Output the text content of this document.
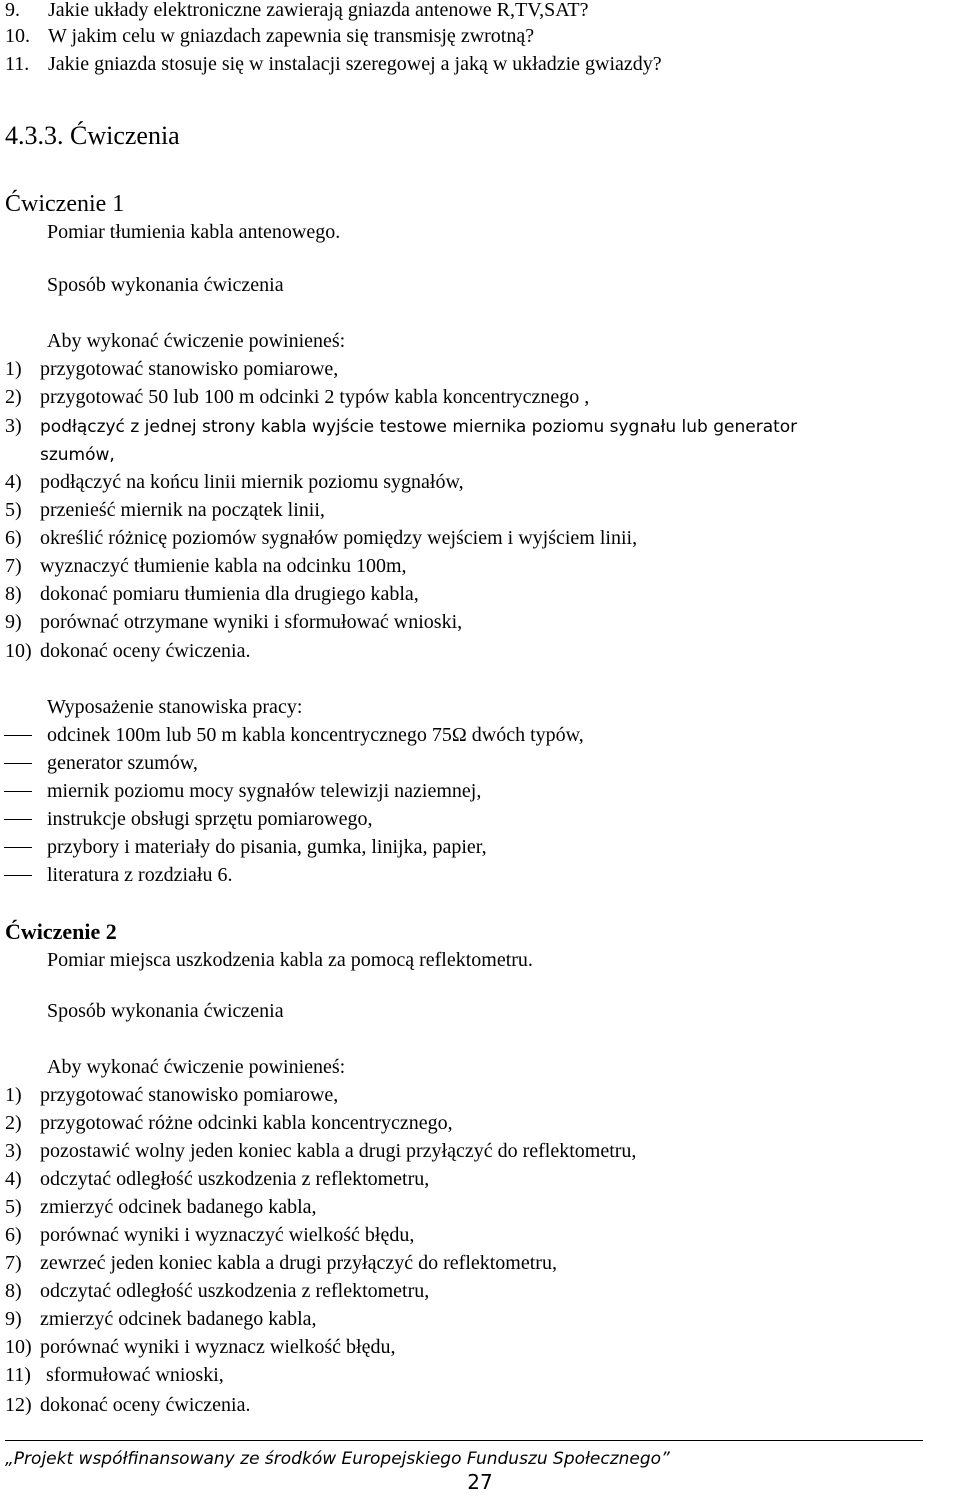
9. Jakie układy elektroniczne zawierają gniazda antenowe R,TV,SAT?
10. W jakim celu w gniazdach zapewnia się transmisję zwrotną?
11. Jakie gniazda stosuje się w instalacji szeregowej a jaką w układzie gwiazdy?
4.3.3. Ćwiczenia
Ćwiczenie 1
Pomiar tłumienia kabla antenowego.
Sposób wykonania ćwiczenia
Aby wykonać ćwiczenie powinieneś:
1) przygotować stanowisko pomiarowe,
2) przygotować 50 lub 100 m odcinki 2 typów kabla koncentrycznego ,
3) podłączyć z jednej strony kabla wyjście testowe miernika poziomu sygnału lub generator
szumów,
4) podłączyć na końcu linii miernik poziomu sygnałów,
5) przenieść miernik na początek linii,
6) określić różnicę poziomów sygnałów pomiędzy wejściem i wyjściem linii,
7) wyznaczyć tłumienie kabla na odcinku 100m,
8) dokonać pomiaru tłumienia dla drugiego kabla,
9) porównać otrzymane wyniki i sformułować wnioski,
10) dokonać oceny ćwiczenia.
Wyposażenie stanowiska pracy:
odcinek 100m lub 50 m kabla koncentrycznego 75Ω dwóch typów,
generator szumów,
miernik poziomu mocy sygnałów telewizji naziemnej,
instrukcje obsługi sprzętu pomiarowego,
przybory i materiały do pisania, gumka, linijka, papier,
literatura z rozdziału 6.
Ćwiczenie 2
Pomiar miejsca uszkodzenia kabla za pomocą reflektometru.
Sposób wykonania ćwiczenia
Aby wykonać ćwiczenie powinieneś:
1) przygotować stanowisko pomiarowe,
2) przygotować różne odcinki kabla koncentrycznego,
3) pozostawić wolny jeden koniec kabla a drugi przyłączyć do reflektometru,
4) odczytać odległość uszkodzenia z reflektometru,
5) zmierzyć odcinek badanego kabla,
6) porównać wyniki i wyznaczyć wielkość błędu,
7) zewrzeć jeden koniec kabla a drugi przyłączyć do reflektometru,
8) odczytać odległość uszkodzenia z reflektometru,
9) zmierzyć odcinek badanego kabla,
10) porównać wyniki i wyznacz wielkość błędu,
11) sformułować wnioski,
12) dokonać oceny ćwiczenia.
„Projekt współfinansowany ze środków Europejskiego Funduszu Społecznego”
27
